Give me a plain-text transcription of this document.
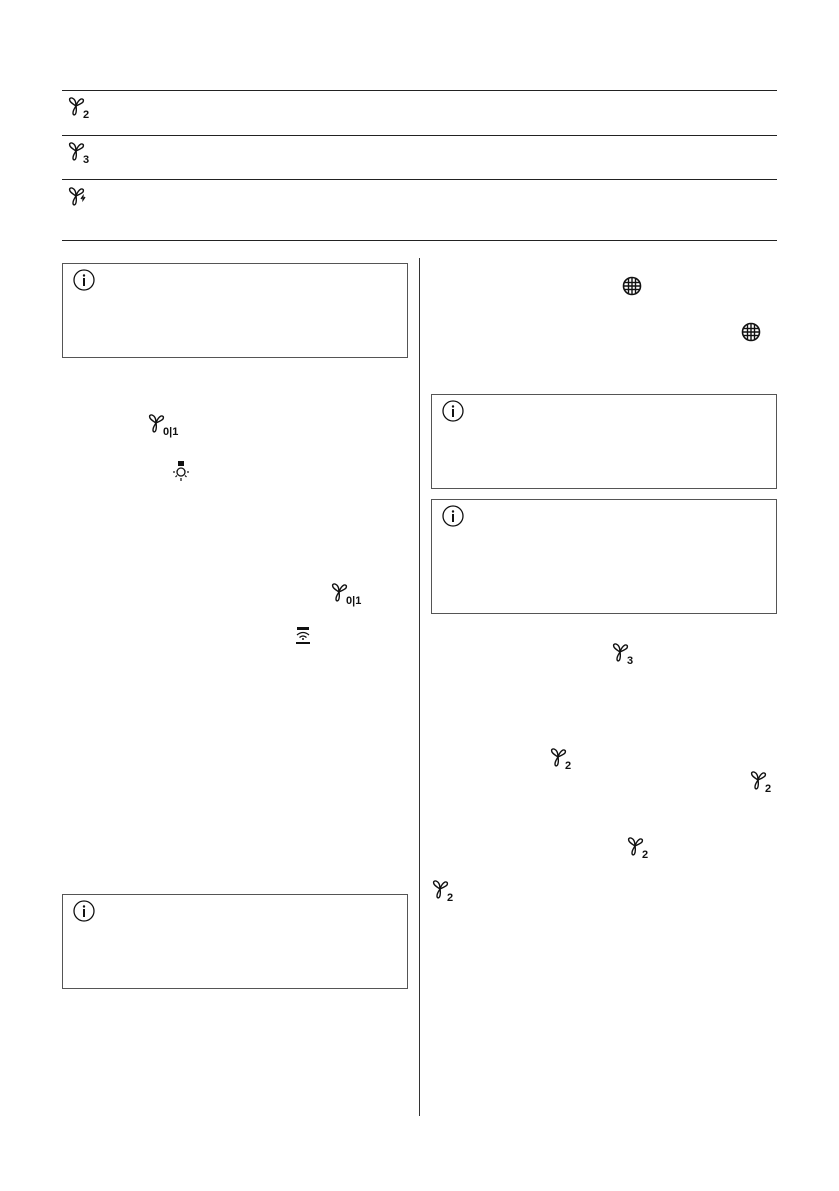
2
3
0|1
0|1
3
2
2
2
2
